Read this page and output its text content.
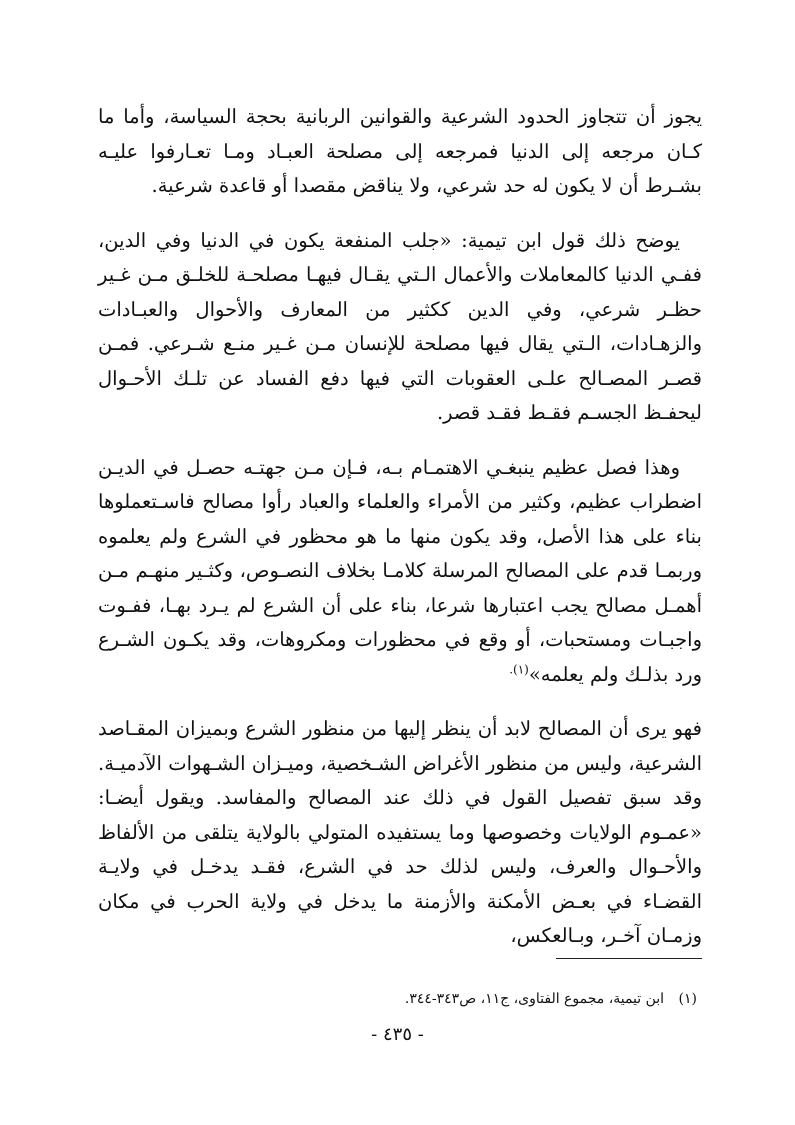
يجوز أن تتجاوز الحدود الشرعية والقوانين الربانية بحجة السياسة، وأما ما كـان مرجعه إلى الدنيا فمرجعه إلى مصلحة العبـاد ومـا تعـارفوا عليـه بشـرط أن لا يكون له حد شرعي، ولا يناقض مقصدا أو قاعدة شرعية.

يوضح ذلك قول ابن تيمية: «جلب المنفعة يكون في الدنيا وفي الدين، ففـي الدنيا كالمعاملات والأعمال الـتي يقـال فيهـا مصلحـة للخلـق مـن غـير حظـر شرعي، وفي الدين ككثير من المعارف والأحوال والعبـادات والزهـادات، الـتي يقال فيها مصلحة للإنسان مـن غـير منـع شـرعي. فمـن قصـر المصـالح علـى العقوبات التي فيها دفع الفساد عن تلـك الأحـوال ليحفـظ الجسـم فقـط فقـد قصر.

وهذا فصل عظيم ينبغـي الاهتمـام بـه، فـإن مـن جهتـه حصـل في الديـن اضطراب عظيم، وكثير من الأمراء والعلماء والعباد رأوا مصالح فاسـتعملوها بناء على هذا الأصل، وقد يكون منها ما هو محظور في الشرع ولم يعلموه وربمـا قدم على المصالح المرسلة كلامـا بخلاف النصـوص، وكثـير منهـم مـن أهمـل مصالح يجب اعتبارها شرعا، بناء على أن الشرع لم يـرد بهـا، ففـوت واجبـات ومستحبات، أو وقع في محظورات ومكروهات، وقد يكـون الشـرع ورد بذلـك ولم يعلمه»$^{(١).}$

فهو يرى أن المصالح لابد أن ينظر إليها من منظور الشرع وبميزان المقـاصد الشرعية، وليس من منظور الأغراض الشـخصية، وميـزان الشـهوات الآدميـة. وقد سبق تفصيل القول في ذلك عند المصالح والمفاسد. ويقول أيضـا: «عمـوم الولايات وخصوصها وما يستفيده المتولي بالولاية يتلقى من الألفاظ والأحـوال والعرف، وليس لذلك حد في الشرع، فقـد يدخـل في ولايـة القضـاء في بعـض الأمكنة والأزمنة ما يدخل في ولاية الحرب في مكان وزمـان آخـر، وبـالعكس،

(١) ابن تيمية، مجموع الفتاوى، ج١١، ص٣٤٣-٣٤٤.
- ٤٣٥ -
